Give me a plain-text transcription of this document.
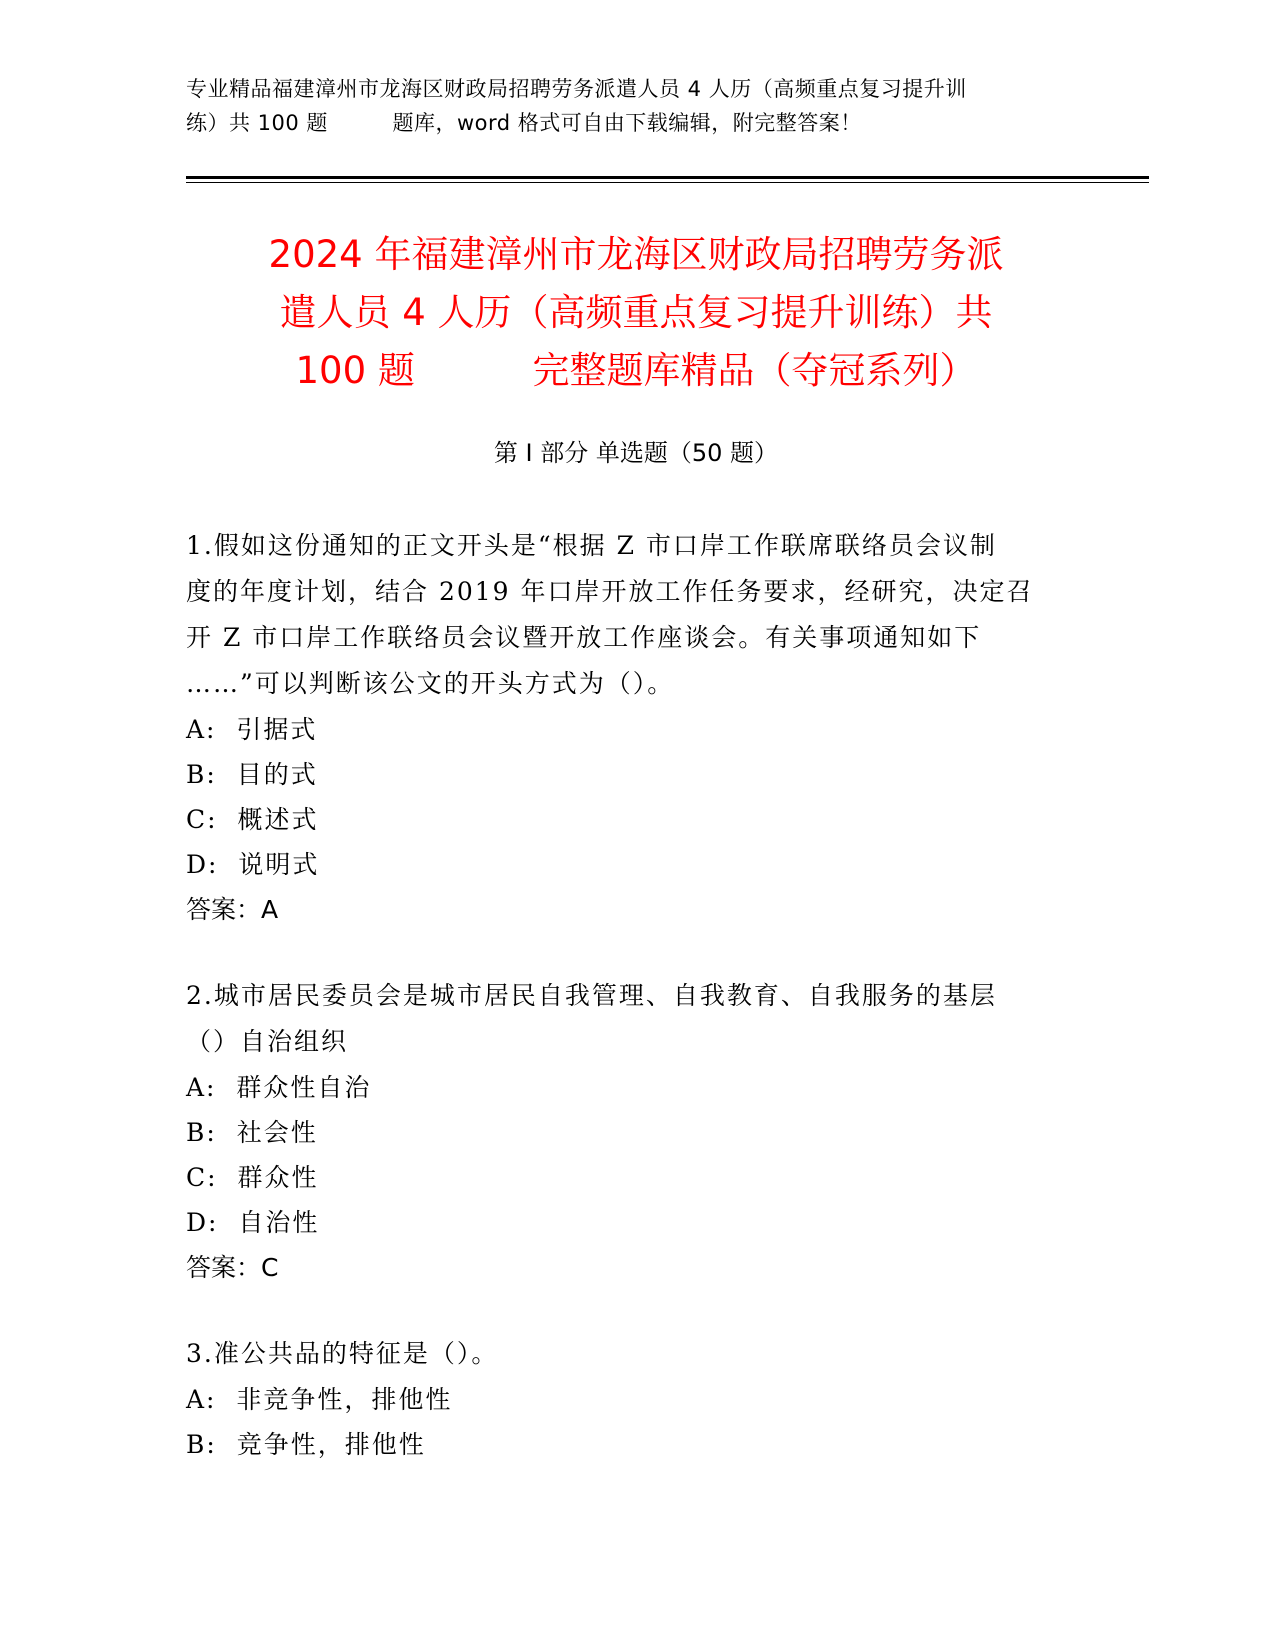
专业精品福建漳州市龙海区财政局招聘劳务派遣人员 4 人历（高频重点复习提升训
练）共 100 题         题库，word 格式可自由下载编辑，附完整答案！
2024 年福建漳州市龙海区财政局招聘劳务派
遣人员 4 人历（高频重点复习提升训练）共
100 题          完整题库精品（夺冠系列）
第 I 部分 单选题（50 题）
1.假如这份通知的正文开头是“根据 Z 市口岸工作联席联络员会议制
度的年度计划，结合 2019 年口岸开放工作任务要求，经研究，决定召
开 Z 市口岸工作联络员会议暨开放工作座谈会。有关事项通知如下
……”可以判断该公文的开头方式为（）。
A:  引据式
B:  目的式
C:  概述式
D:  说明式
答案：A
2.城市居民委员会是城市居民自我管理、自我教育、自我服务的基层
（）自治组织
A:  群众性自治
B:  社会性
C:  群众性
D:  自治性
答案：C
3.准公共品的特征是（）。
A:  非竞争性，排他性
B:  竞争性，排他性
